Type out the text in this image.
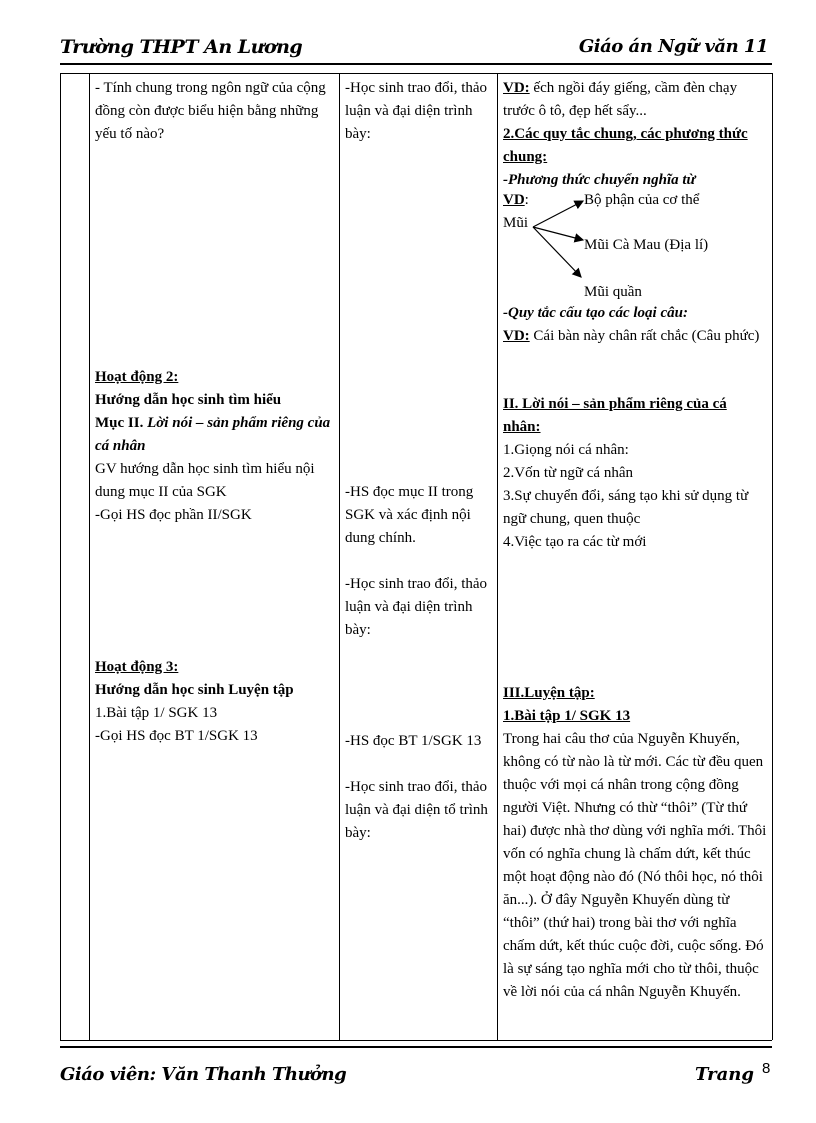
Trường THPT An Lương	Giáo án Ngữ văn 11
- Tính chung trong ngôn ngữ của cộng đồng còn được biểu hiện bằng những yếu tố nào?

Hoạt động 2:

Hướng dẫn học sinh tìm hiểu

Mục II. Lời nói – sản phẩm riêng của cá nhân

GV hướng dẫn học sinh tìm hiểu nội dung mục II của SGK

-Gọi HS đọc phần II/SGK

Hoạt động 3:

Hướng dẫn học sinh Luyện tập

1.Bài tập 1/ SGK 13

-Gọi HS đọc BT 1/SGK 13

-Học sinh trao đổi, thảo luận và đại diện trình bày:
-HS đọc mục II trong SGK và xác định nội dung chính.
-Học sinh trao đổi, thảo luận và đại diện trình bày:
-HS đọc BT 1/SGK 13
-Học sinh trao đổi, thảo luận và đại diện tổ trình bày:
VD: ếch ngồi đáy giếng, cầm đèn chạy trước ô tô, đẹp hết sẩy...

2.Các quy tắc chung, các phương thức chung:

-Phương thức chuyển nghĩa từ

VD:
Mũi
Bộ phận của cơ thể
Mũi Cà Mau (Địa lí)
Mũi quần

-Quy tắc cấu tạo các loại câu:

VD: Cái bàn này chân rất chắc (Câu phức)

II. Lời nói – sản phẩm riêng của cá nhân:

1.Giọng nói cá nhân:

2.Vốn từ ngữ cá nhân

3.Sự chuyển đổi, sáng tạo khi sử dụng từ ngữ chung, quen thuộc

4.Việc tạo ra các từ mới

III.Luyện tập:

1.Bài tập 1/ SGK 13

Trong hai câu thơ của Nguyễn Khuyến, không có từ nào là từ mới. Các từ đều quen thuộc với mọi cá nhân trong cộng đồng người Việt. Nhưng có thừ “thôi” (Từ thứ hai) được nhà thơ dùng với nghĩa mới. Thôi vốn có nghĩa chung là chấm dứt, kết thúc một hoạt động nào đó (Nó thôi học, nó thôi ăn...). Ở đây Nguyễn Khuyến dùng từ “thôi” (thứ hai) trong bài thơ với nghĩa chấm dứt, kết thúc cuộc đời, cuộc sống. Đó là sự sáng tạo nghĩa mới cho từ thôi, thuộc về lời nói của cá nhân Nguyễn Khuyến.

Giáo viên: Văn Thanh Thưởng	Trang 8
